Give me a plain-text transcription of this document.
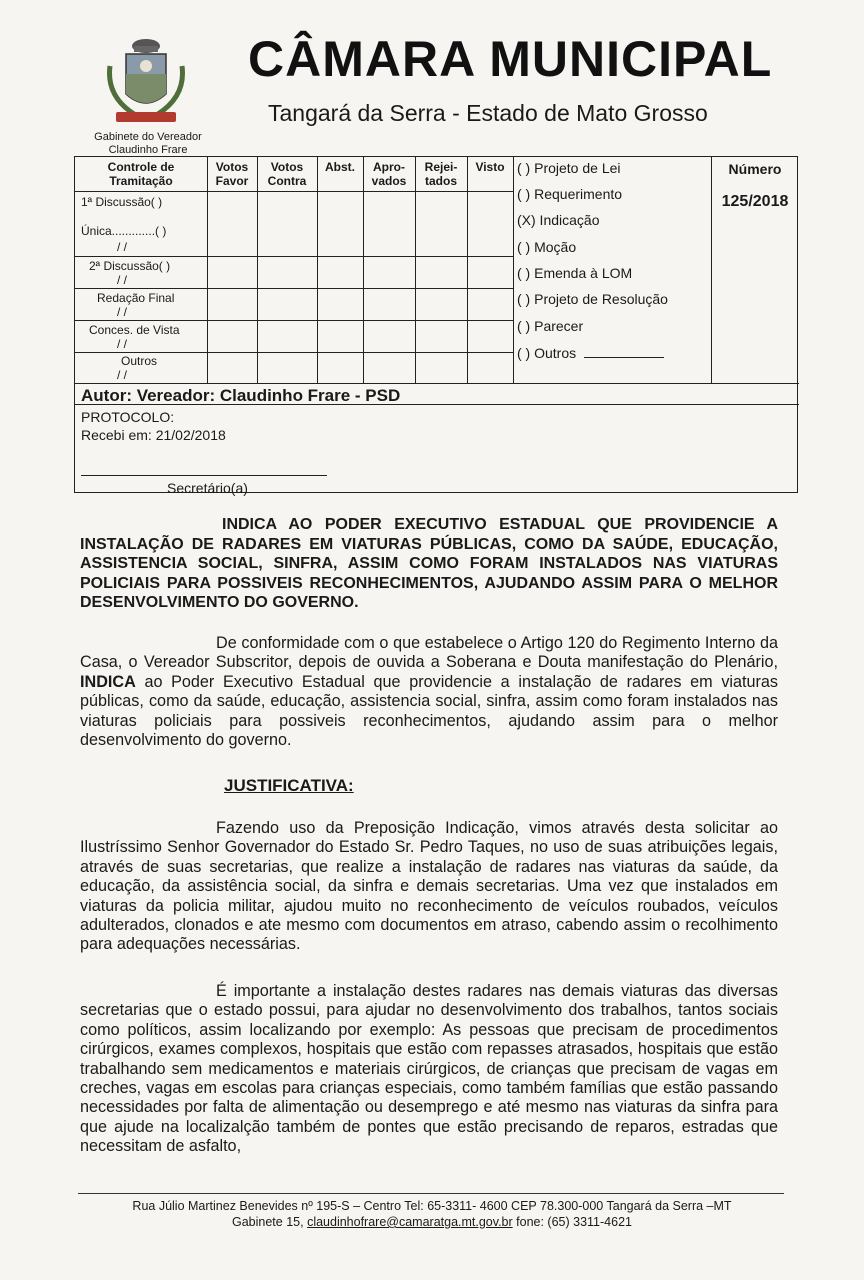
Gabinete do Vereador
Claudinho Frare
CÂMARA MUNICIPAL
Tangará da Serra - Estado de Mato Grosso
Controle de Tramitação
Votos Favor
Votos Contra
Abst.	Apro- vados
Rejei- tados
Visto
1ª Discussão( )
Única.............( )
/ /
2ª Discussão( )
/ /
Redação Final
/ /
Conces. de Vista
/ /
Outros
/ /
( ) Projeto de Lei
( ) Requerimento
(X) Indicação
( ) Moção
( ) Emenda à LOM
( ) Projeto de Resolução
( ) Parecer
( ) Outros
Número
125/2018
Autor: Vereador: Claudinho Frare - PSD
PROTOCOLO:
Recebi em: 21/02/2018
Secretário(a)
INDICA AO PODER EXECUTIVO ESTADUAL QUE PROVIDENCIE A INSTALAÇÃO DE RADARES EM VIATURAS PÚBLICAS, COMO DA SAÚDE, EDUCAÇÃO, ASSISTENCIA SOCIAL, SINFRA, ASSIM COMO FORAM INSTALADOS NAS VIATURAS POLICIAIS PARA POSSIVEIS RECONHECIMENTOS, AJUDANDO ASSIM PARA O MELHOR DESENVOLVIMENTO DO GOVERNO.
De conformidade com o que estabelece o Artigo 120 do Regimento Interno da Casa, o Vereador Subscritor, depois de ouvida a Soberana e Douta manifestação do Plenário, INDICA ao Poder Executivo Estadual que providencie a instalação de radares em viaturas públicas, como da saúde, educação, assistencia social, sinfra, assim como foram instalados nas viaturas policiais para possiveis reconhecimentos, ajudando assim para o melhor desenvolvimento do governo.
JUSTIFICATIVA:
Fazendo uso da Preposição Indicação, vimos através desta solicitar ao Ilustríssimo Senhor Governador do Estado Sr. Pedro Taques, no uso de suas atribuições legais, através de suas secretarias, que realize a instalação de radares nas viaturas da saúde, da educação, da assistência social, da sinfra e demais secretarias. Uma vez que instalados em viaturas da policia militar, ajudou muito no reconhecimento de veículos roubados, veículos adulterados, clonados e ate mesmo com documentos em atraso, cabendo assim o recolhimento para adequações necessárias.
É importante a instalação destes radares nas demais viaturas das diversas secretarias que o estado possui, para ajudar no desenvolvimento dos trabalhos, tantos sociais como políticos, assim localizando por exemplo: As pessoas que precisam de procedimentos cirúrgicos, exames complexos, hospitais que estão com repasses atrasados, hospitais que estão trabalhando sem medicamentos e materiais cirúrgicos, de crianças que precisam de vagas em creches, vagas em escolas para crianças especiais, como também famílias que estão passando necessidades por falta de alimentação ou desemprego e até mesmo nas viaturas da sinfra para que ajude na localizalção também de pontes que estão precisando de reparos, estradas que necessitam de asfalto,
Rua Júlio Martinez Benevides nº 195-S – Centro Tel: 65-3311- 4600 CEP 78.300-000 Tangará da Serra –MT
Gabinete 15, claudinhofrare@camaratga.mt.gov.br fone: (65) 3311-4621
